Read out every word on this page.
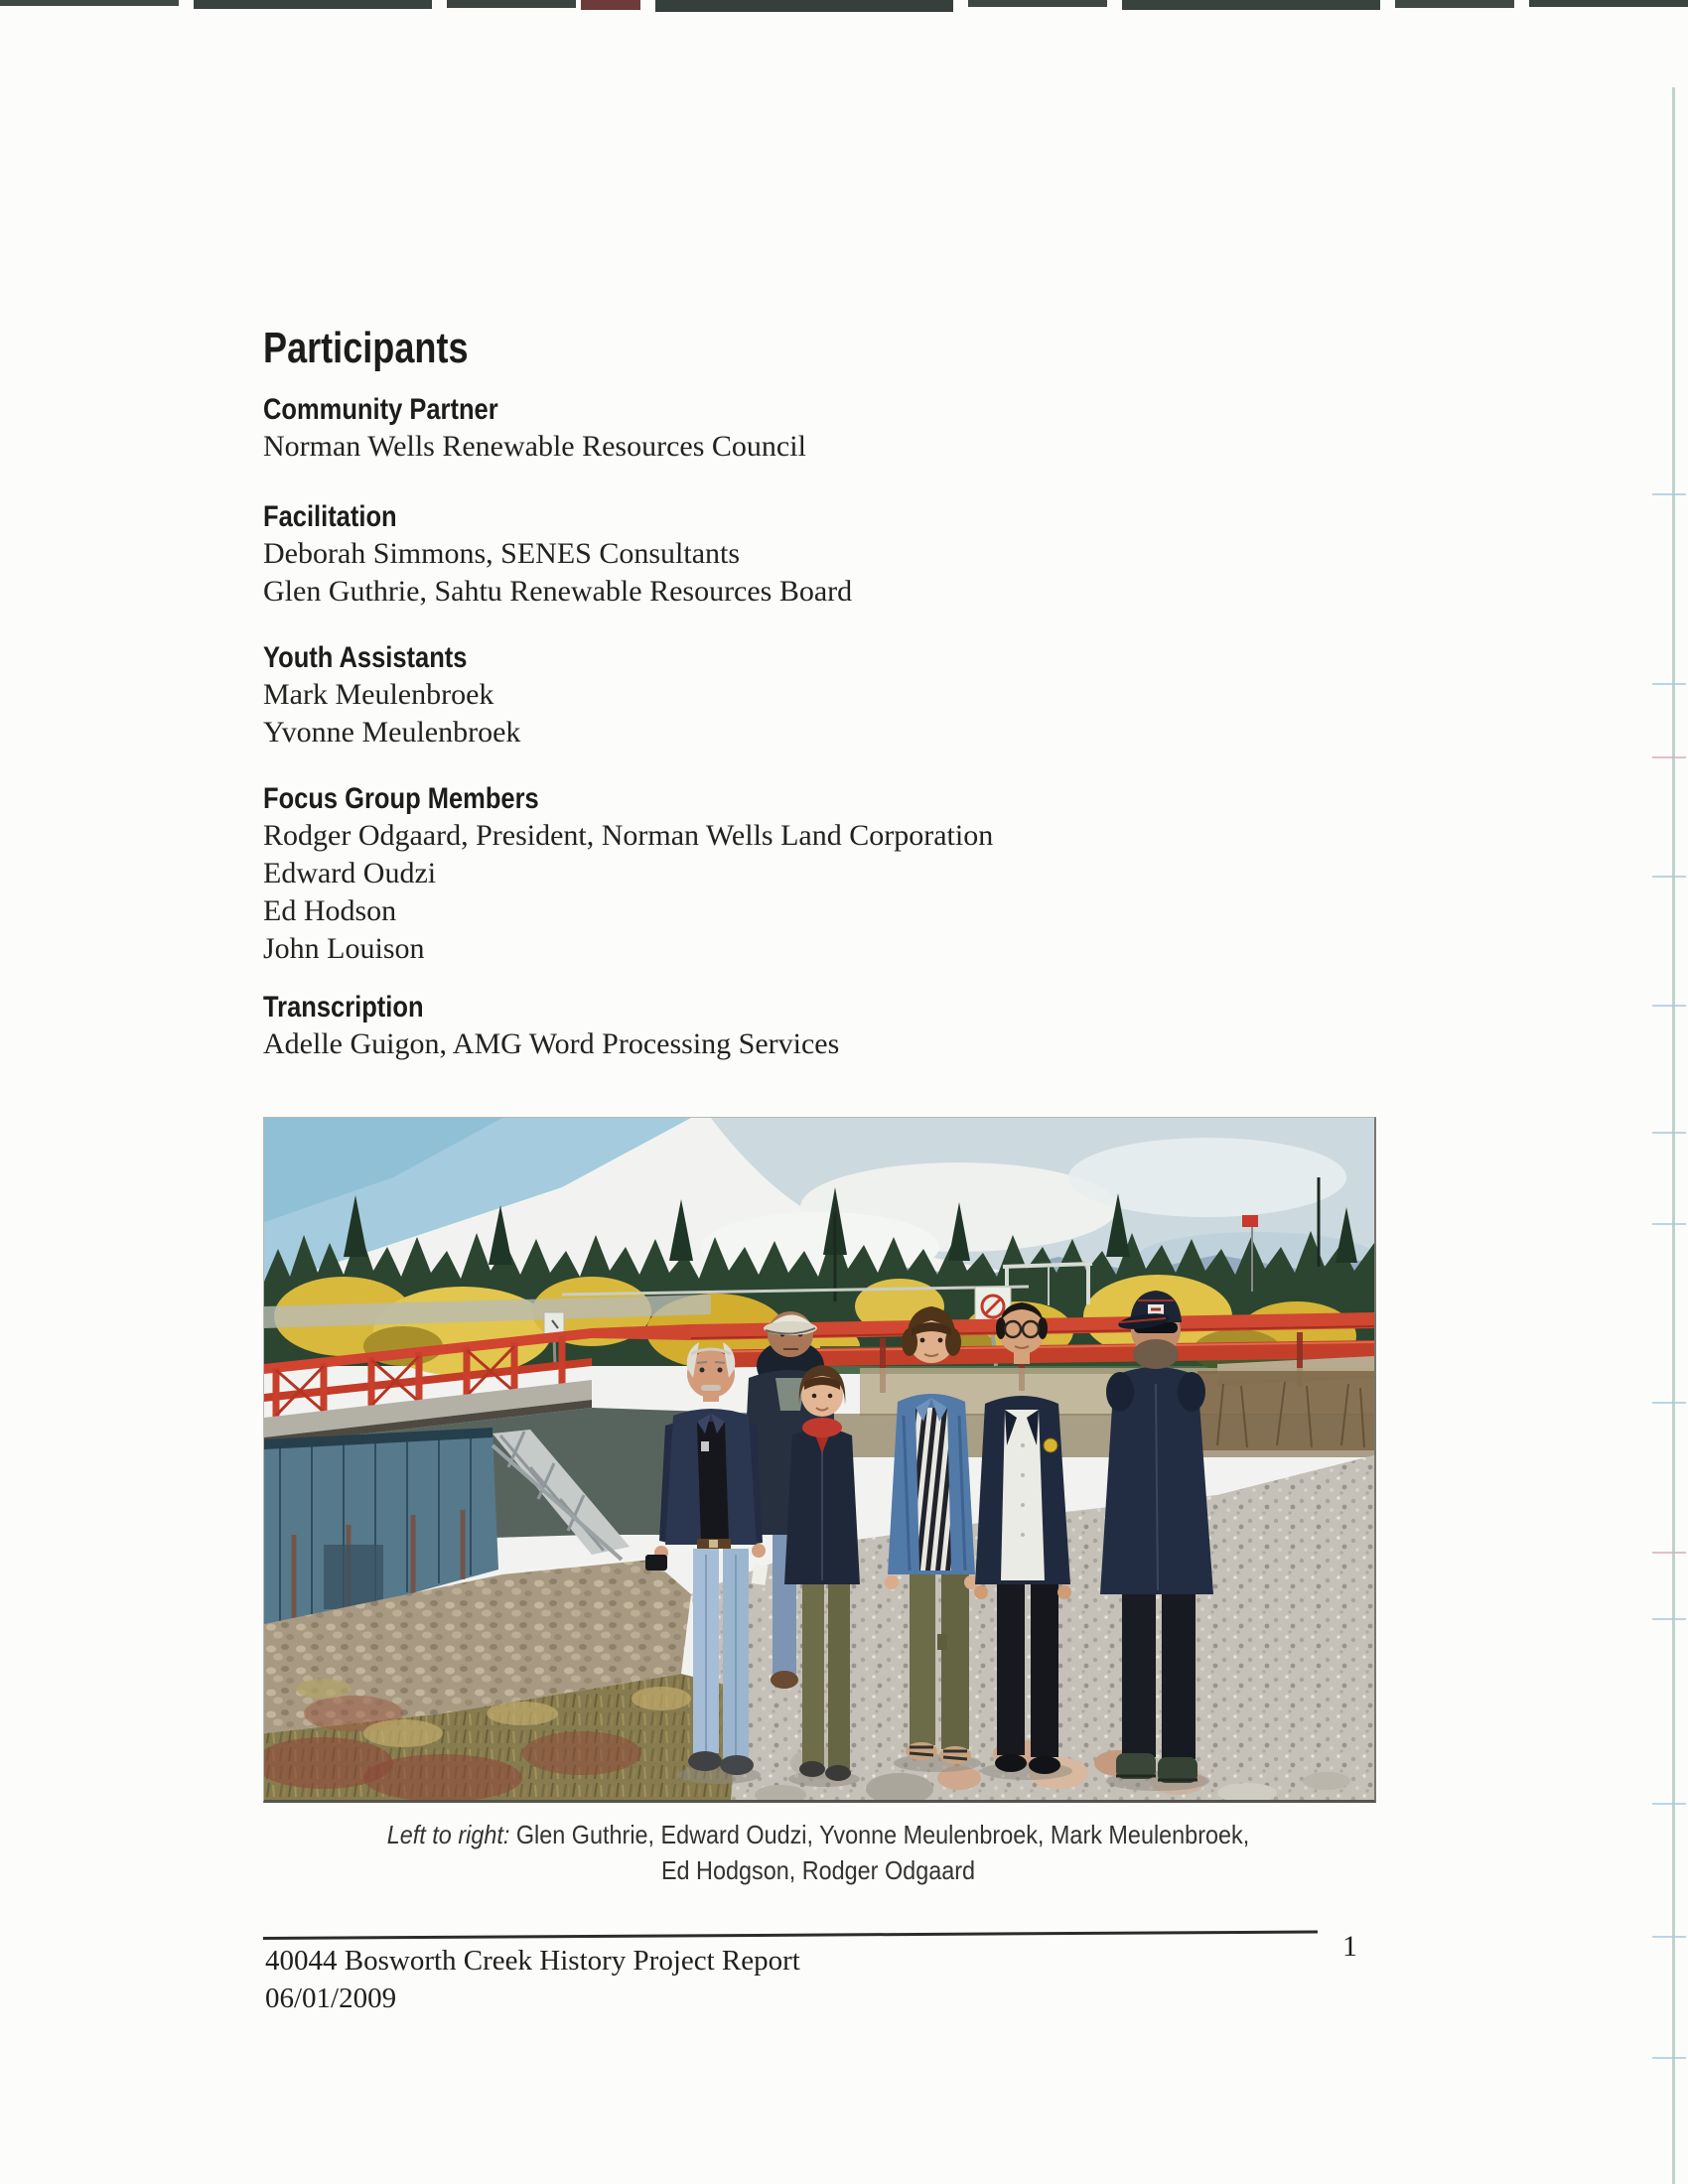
Participants
Community Partner
Norman Wells Renewable Resources Council
Facilitation
Deborah Simmons, SENES Consultants
Glen Guthrie, Sahtu Renewable Resources Board
Youth Assistants
Mark Meulenbroek
Yvonne Meulenbroek
Focus Group Members
Rodger Odgaard, President, Norman Wells Land Corporation
Edward Oudzi
Ed Hodson
John Louison
Transcription
Adelle Guigon, AMG Word Processing Services
Left to right: Glen Guthrie, Edward Oudzi, Yvonne Meulenbroek, Mark Meulenbroek,
Ed Hodgson, Rodger Odgaard
40044 Bosworth Creek History Project Report
06/01/2009
1
